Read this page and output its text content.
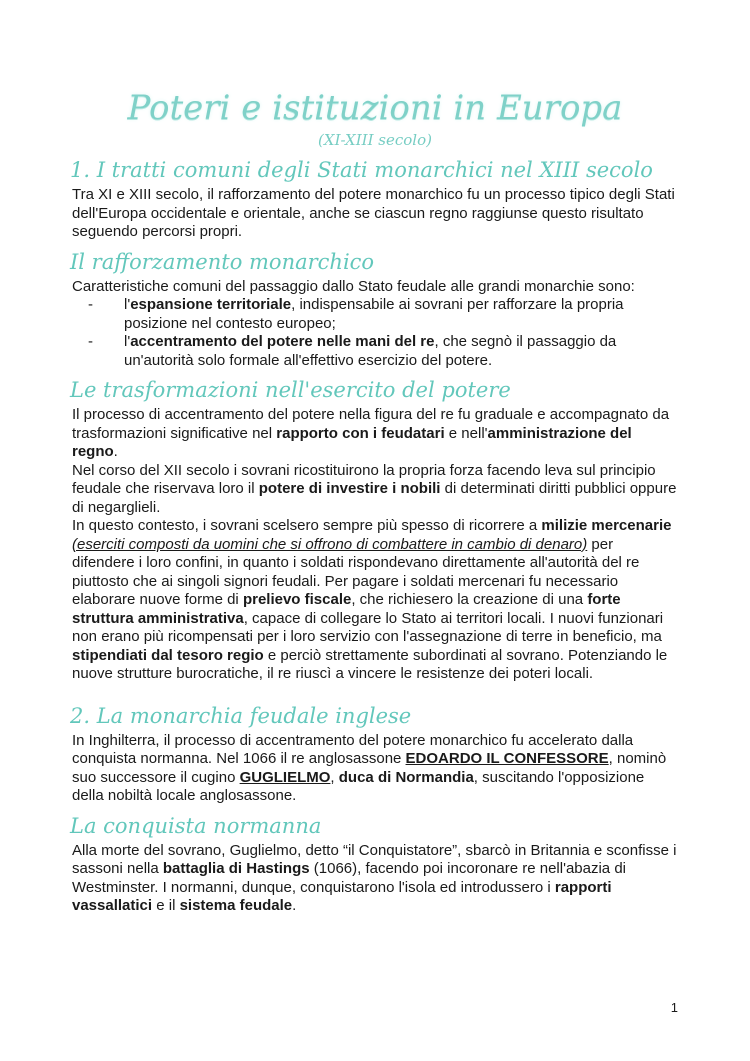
Poteri e istituzioni in Europa
(XI-XIII secolo)
1. I tratti comuni degli Stati monarchici nel XIII secolo

Tra XI e XIII secolo, il rafforzamento del potere monarchico fu un processo tipico degli Stati dell'Europa occidentale e orientale, anche se ciascun regno raggiunse questo risultato seguendo percorsi propri.

Il rafforzamento monarchico

Caratteristiche comuni del passaggio dallo Stato feudale alle grandi monarchie sono:

- l'espansione territoriale, indispensabile ai sovrani per rafforzare la propria posizione nel contesto europeo;
- l'accentramento del potere nelle mani del re, che segnò il passaggio da un'autorità solo formale all'effettivo esercizio del potere.
Le trasformazioni nell'esercito del potere

Il processo di accentramento del potere nella figura del re fu graduale e accompagnato da trasformazioni significative nel rapporto con i feudatari e nell'amministrazione del regno.

Nel corso del XII secolo i sovrani ricostituirono la propria forza facendo leva sul principio feudale che riservava loro il potere di investire i nobili di determinati diritti pubblici oppure di negarglieli.

In questo contesto, i sovrani scelsero sempre più spesso di ricorrere a milizie mercenarie (eserciti composti da uomini che si offrono di combattere in cambio di denaro) per difendere i loro confini, in quanto i soldati rispondevano direttamente all'autorità del re piuttosto che ai singoli signori feudali. Per pagare i soldati mercenari fu necessario elaborare nuove forme di prelievo fiscale, che richiesero la creazione di una forte struttura amministrativa, capace di collegare lo Stato ai territori locali. I nuovi funzionari non erano più ricompensati per i loro servizio con l'assegnazione di terre in beneficio, ma stipendiati dal tesoro regio e perciò strettamente subordinati al sovrano. Potenziando le nuove strutture burocratiche, il re riuscì a vincere le resistenze dei poteri locali.

2. La monarchia feudale inglese

In Inghilterra, il processo di accentramento del potere monarchico fu accelerato dalla conquista normanna. Nel 1066 il re anglosassone EDOARDO IL CONFESSORE, nominò suo successore il cugino GUGLIELMO, duca di Normandia, suscitando l'opposizione della nobiltà locale anglosassone.

La conquista normanna

Alla morte del sovrano, Guglielmo, detto “il Conquistatore”, sbarcò in Britannia e sconfisse i sassoni nella battaglia di Hastings (1066), facendo poi incoronare re nell'abazia di Westminster. I normanni, dunque, conquistarono l'isola ed introdussero i rapporti vassallatici e il sistema feudale.

1
